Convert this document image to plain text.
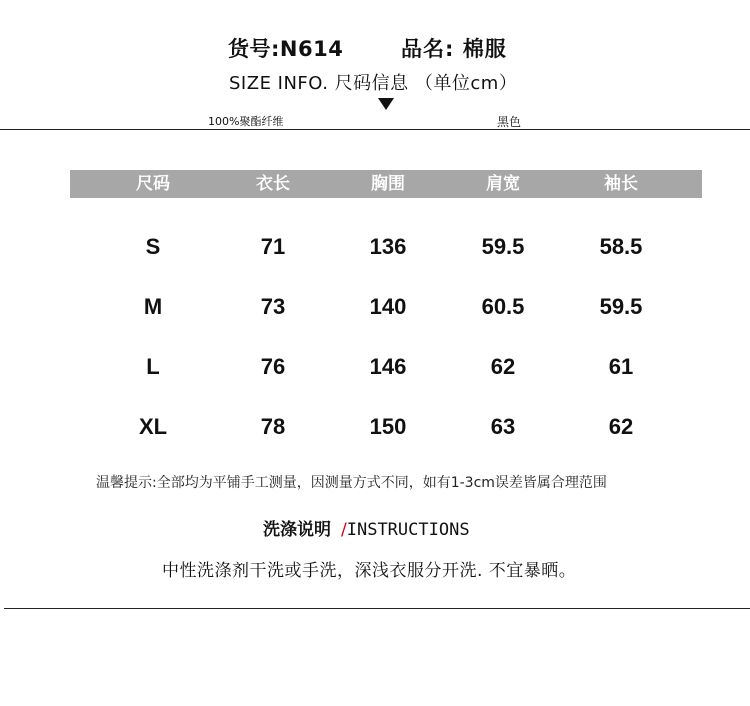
货号:N614	品名: 棉服
SIZE INFO. 尺码信息 （单位cm）
100%聚酯纤维	黑色
尺码	衣长	胸围	肩宽	袖长
S	71	136	59.5	58.5
M	73	140	60.5	59.5
L	76	146	62	61
XL	78	150	63	62
温馨提示:全部均为平铺手工测量，因测量方式不同，如有1-3cm误差皆属合理范围
洗涤说明 /INSTRUCTIONS
中性洗涤剂干洗或手洗，深浅衣服分开洗. 不宜暴晒。
